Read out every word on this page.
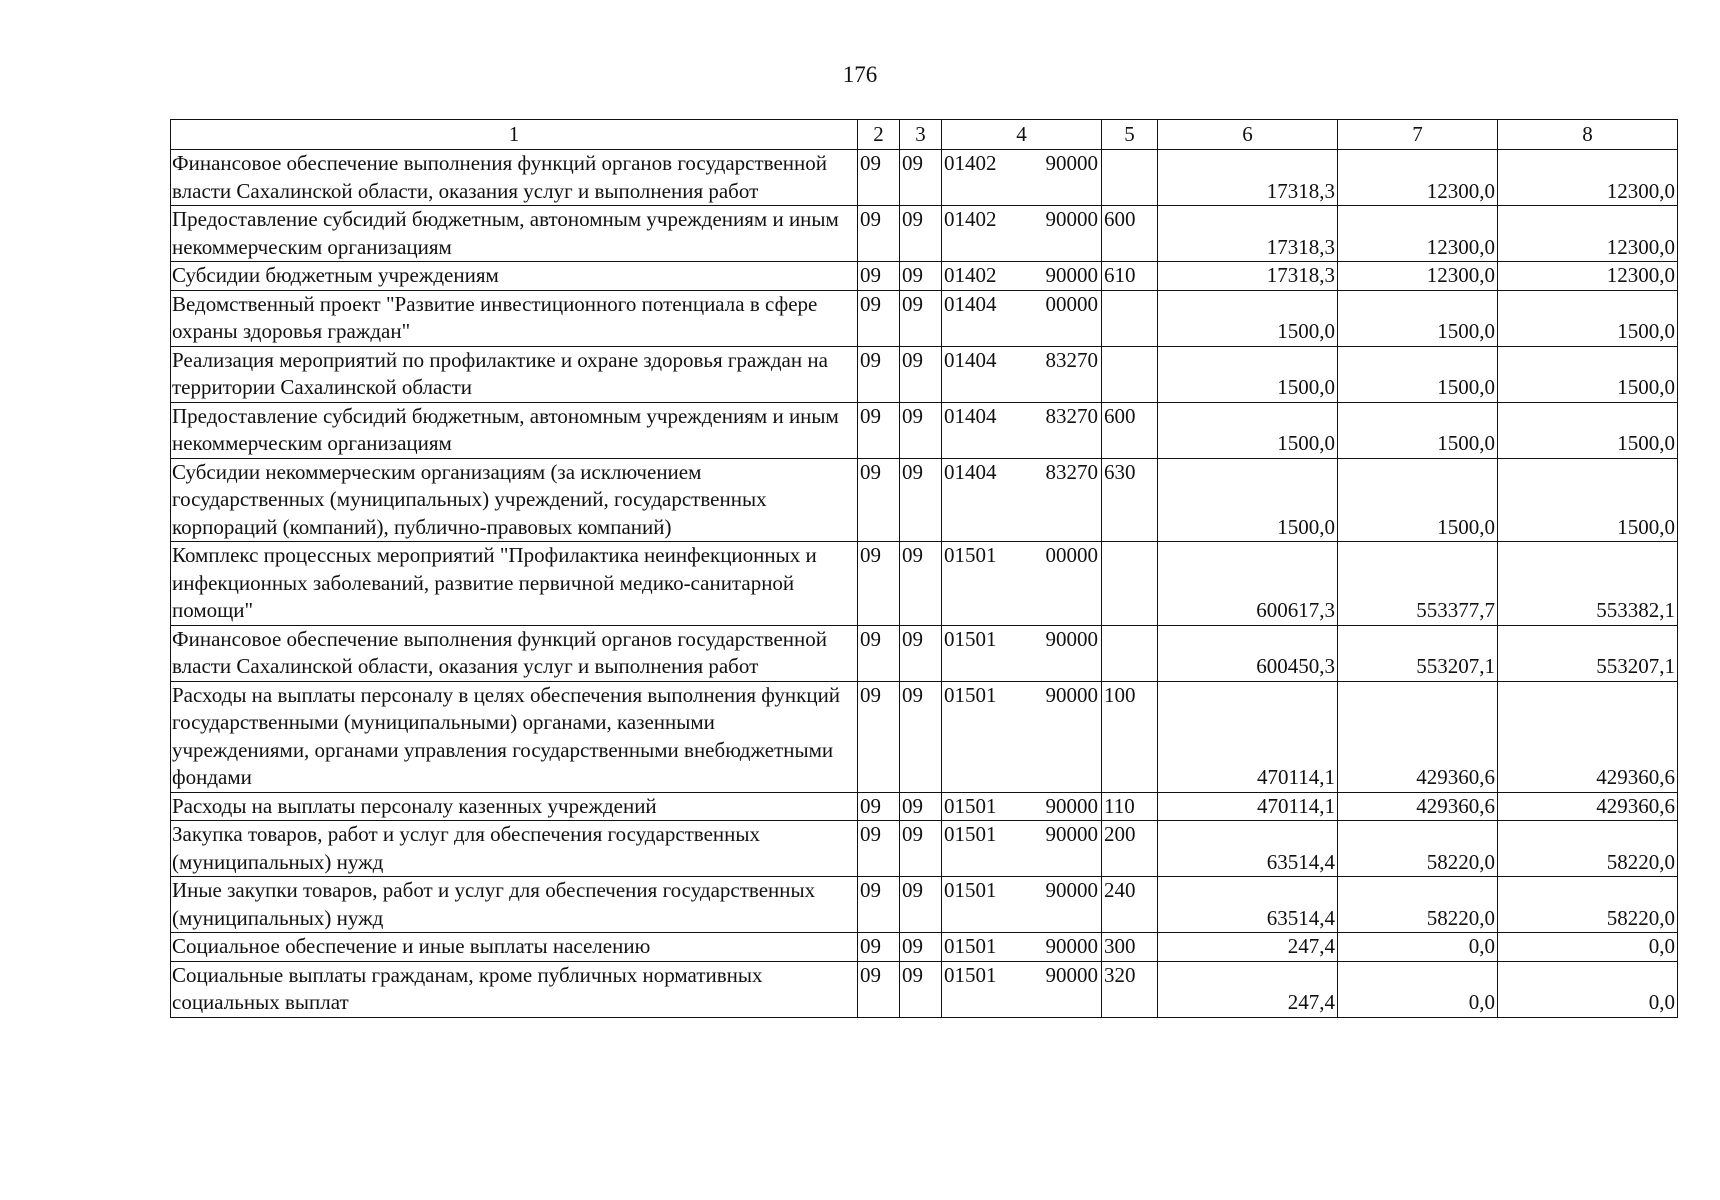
176
1	2	3	4	5	6	7	8
Финансовое обеспечение выполнения функций органов государственной власти Сахалинской области, оказания услуг и выполнения работ	09	09	01402 90000		17318,3	12300,0	12300,0
Предоставление субсидий бюджетным, автономным учреждениям и иным некоммерческим организациям	09	09	01402 90000	600	17318,3	12300,0	12300,0
Субсидии бюджетным учреждениям	09	09	01402 90000	610	17318,3	12300,0	12300,0
Ведомственный проект "Развитие инвестиционного потенциала в сфере охраны здоровья граждан"	09	09	01404 00000		1500,0	1500,0	1500,0
Реализация мероприятий по профилактике и охране здоровья граждан на территории Сахалинской области	09	09	01404 83270		1500,0	1500,0	1500,0
Предоставление субсидий бюджетным, автономным учреждениям и иным некоммерческим организациям	09	09	01404 83270	600	1500,0	1500,0	1500,0
Субсидии некоммерческим организациям (за исключением государственных (муниципальных) учреждений, государственных корпораций (компаний), публично-правовых компаний)	09	09	01404 83270	630	1500,0	1500,0	1500,0
Комплекс процессных мероприятий "Профилактика неинфекционных и инфекционных заболеваний, развитие первичной медико-санитарной помощи"	09	09	01501 00000		600617,3	553377,7	553382,1
Финансовое обеспечение выполнения функций органов государственной власти Сахалинской области, оказания услуг и выполнения работ	09	09	01501 90000		600450,3	553207,1	553207,1
Расходы на выплаты персоналу в целях обеспечения выполнения функций государственными (муниципальными) органами, казенными учреждениями, органами управления государственными внебюджетными фондами	09	09	01501 90000	100	470114,1	429360,6	429360,6
Расходы на выплаты персоналу казенных учреждений	09	09	01501 90000	110	470114,1	429360,6	429360,6
Закупка товаров, работ и услуг для обеспечения государственных (муниципальных) нужд	09	09	01501 90000	200	63514,4	58220,0	58220,0
Иные закупки товаров, работ и услуг для обеспечения государственных (муниципальных) нужд	09	09	01501 90000	240	63514,4	58220,0	58220,0
Социальное обеспечение и иные выплаты населению	09	09	01501 90000	300	247,4	0,0	0,0
Социальные выплаты гражданам, кроме публичных нормативных социальных выплат	09	09	01501 90000	320	247,4	0,0	0,0
